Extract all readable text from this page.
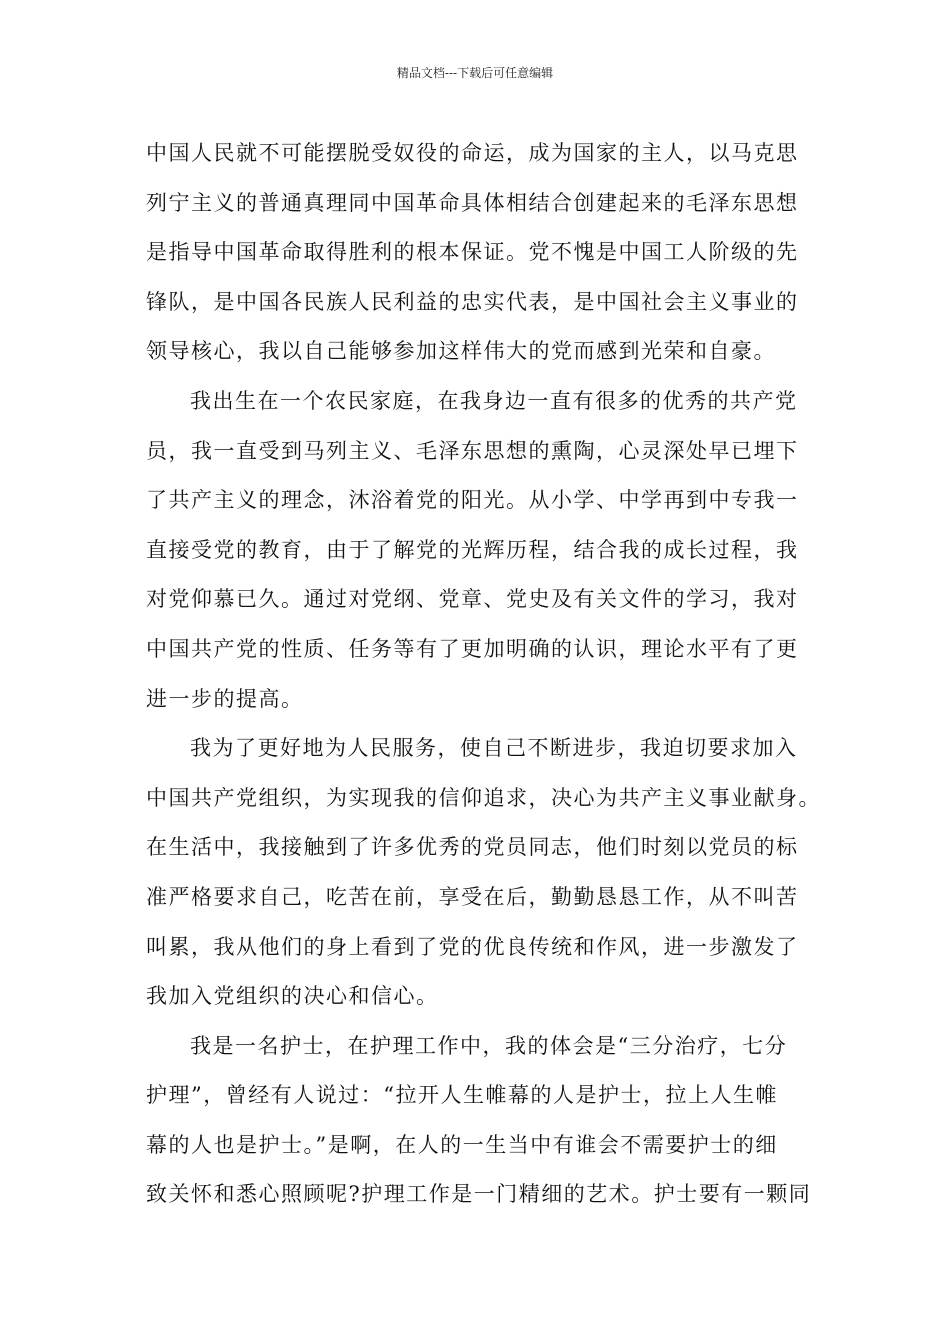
精品文档---下载后可任意编辑
中国人民就不可能摆脱受奴役的命运，成为国家的主人，以马克思
列宁主义的普通真理同中国革命具体相结合创建起来的毛泽东思想
是指导中国革命取得胜利的根本保证。党不愧是中国工人阶级的先
锋队，是中国各民族人民利益的忠实代表，是中国社会主义事业的
领导核心，我以自己能够参加这样伟大的党而感到光荣和自豪。
我出生在一个农民家庭，在我身边一直有很多的优秀的共产党
员，我一直受到马列主义、毛泽东思想的熏陶，心灵深处早已埋下
了共产主义的理念，沐浴着党的阳光。从小学、中学再到中专我一
直接受党的教育，由于了解党的光辉历程，结合我的成长过程，我
对党仰慕已久。通过对党纲、党章、党史及有关文件的学习，我对
中国共产党的性质、任务等有了更加明确的认识，理论水平有了更
进一步的提高。
我为了更好地为人民服务，使自己不断进步，我迫切要求加入
中国共产党组织，为实现我的信仰追求，决心为共产主义事业献身。
在生活中，我接触到了许多优秀的党员同志，他们时刻以党员的标
准严格要求自己，吃苦在前，享受在后，勤勤恳恳工作，从不叫苦
叫累，我从他们的身上看到了党的优良传统和作风，进一步激发了
我加入党组织的决心和信心。
我是一名护士，在护理工作中，我的体会是“三分治疗，七分
护理”，曾经有人说过：“拉开人生帷幕的人是护士，拉上人生帷
幕的人也是护士。”是啊，在人的一生当中有谁会不需要护士的细
致关怀和悉心照顾呢?护理工作是一门精细的艺术。护士要有一颗同
